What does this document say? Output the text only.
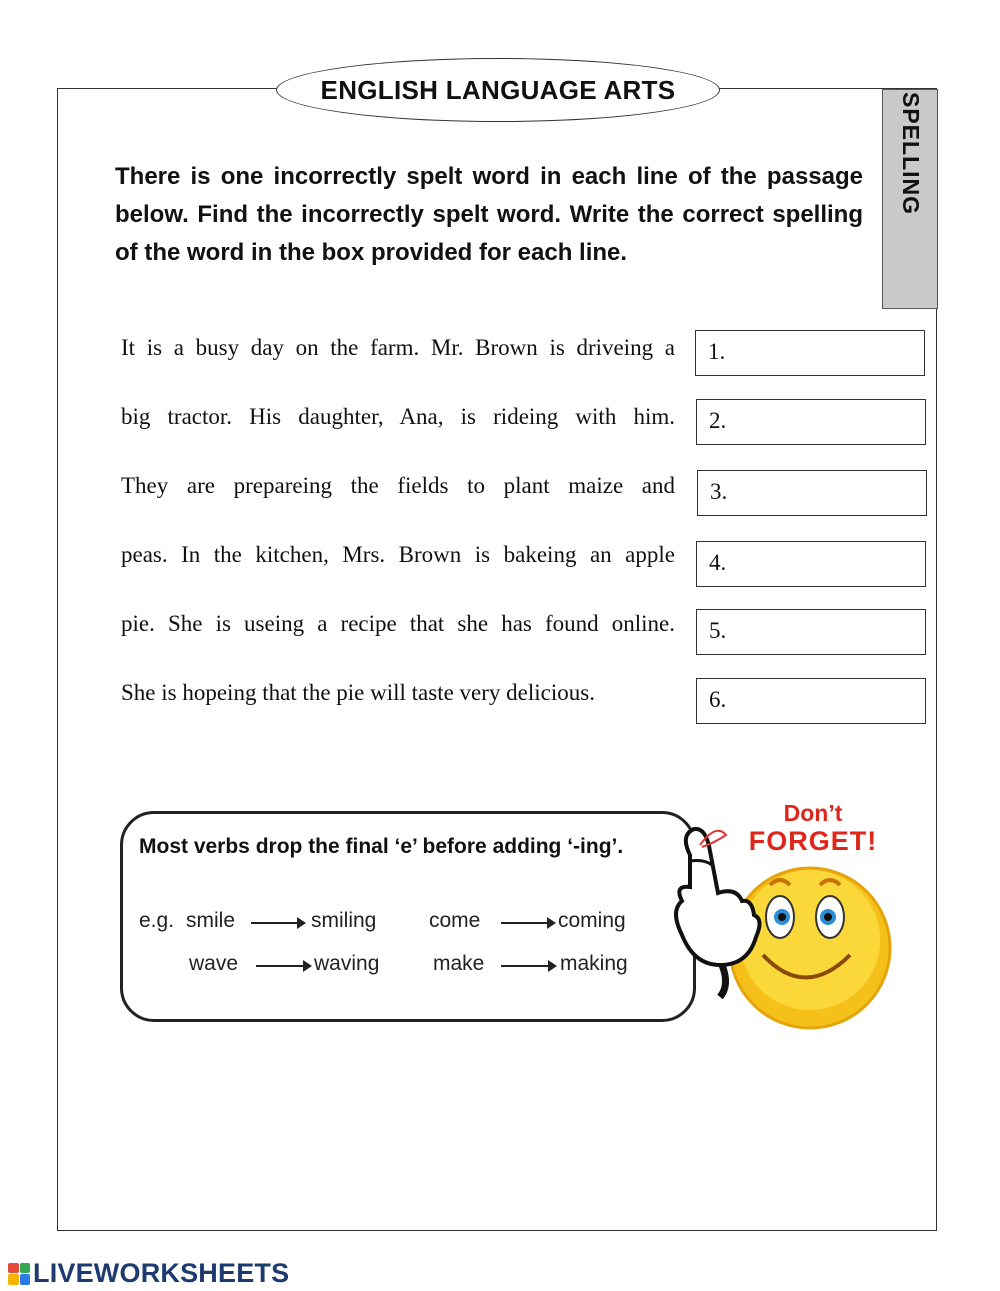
ENGLISH LANGUAGE ARTS
SPELLING
There is one incorrectly spelt word in each line of the passage below. Find the incorrectly spelt word. Write the correct spelling of the word in the box provided for each line.
It is a busy day on the farm. Mr. Brown is driveing a
big tractor. His daughter, Ana, is rideing with him.
They are prepareing the fields to plant maize and
peas. In the kitchen, Mrs. Brown is bakeing an apple
pie. She is useing a recipe that she has found online.
She is hopeing that the pie will taste very delicious.
1.
2.
3.
4.
5.
6.
Most verbs drop the final ‘e’ before adding ‘-ing’.
e.g. smile	smiling	come	coming
wave	waving	make	making
Don’t
FORGET!
LIVEWORKSHEETS
